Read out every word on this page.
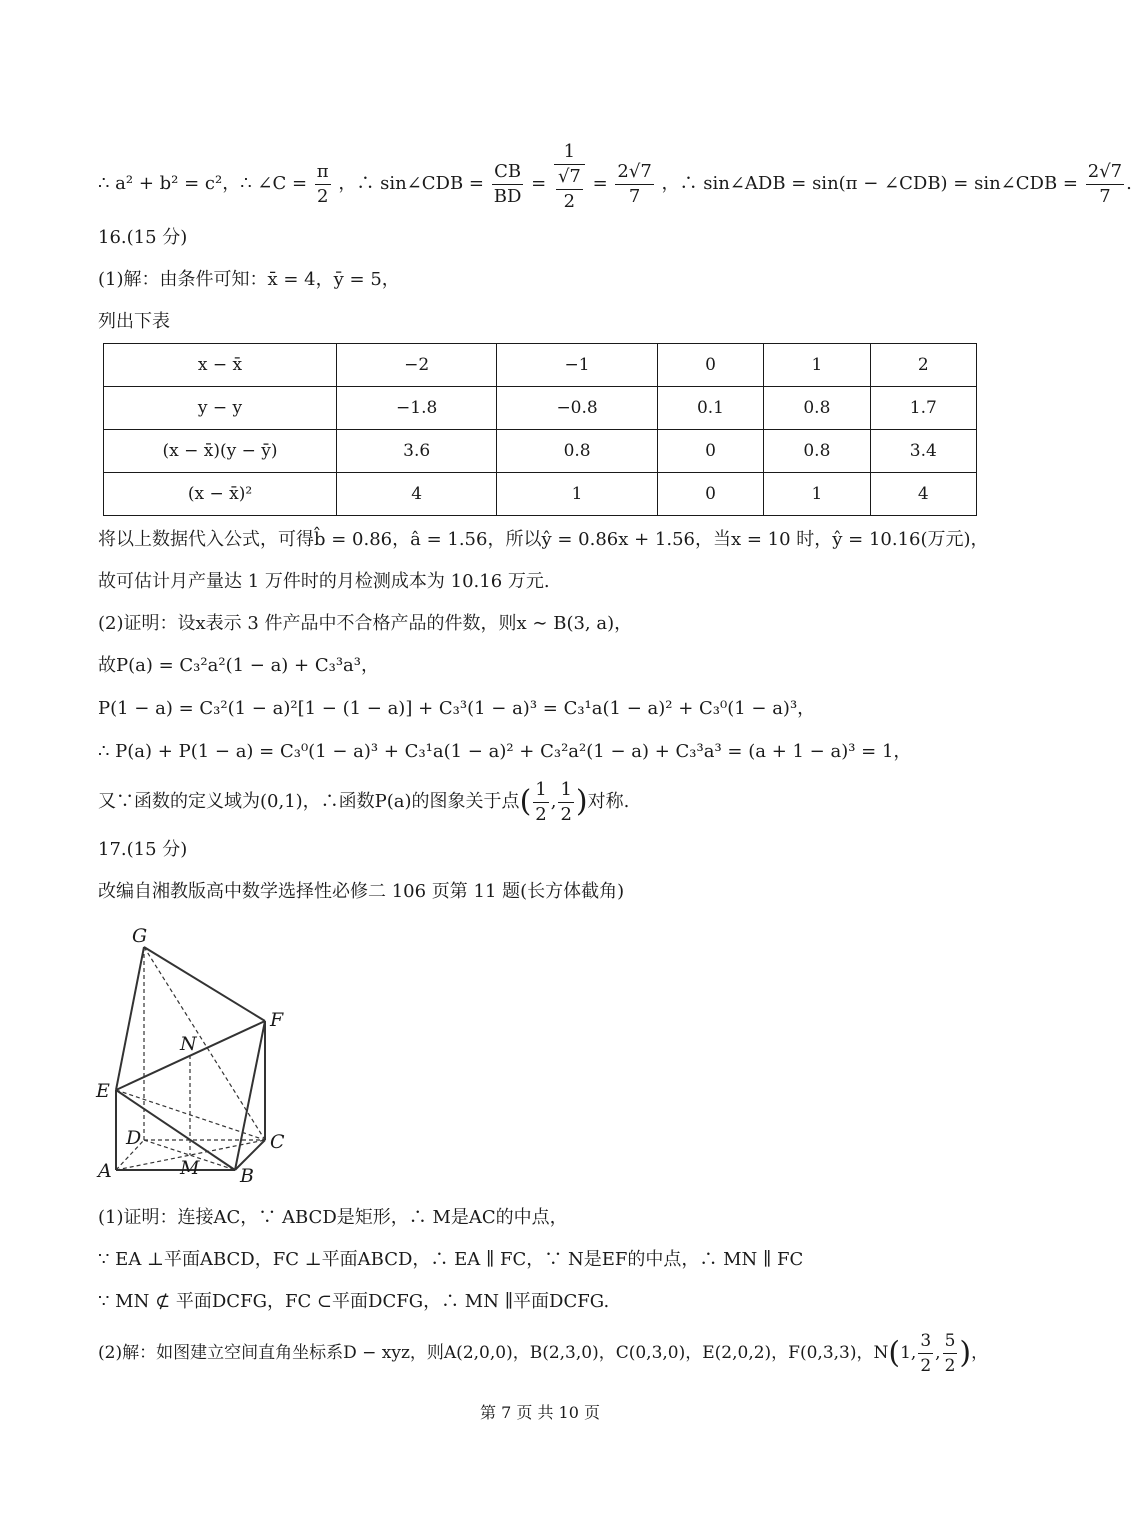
∴ a² + b² = c²，∴ ∠C = $\frac{\pi}{2}$ ，∴ sin∠CDB = $\frac{CB}{BD} = 1$
√7
$2 = \frac{2√7}{7}$ ，∴ sin∠ADB = sin(π − ∠CDB) = sin∠CDB = $\frac{2√7}{7}$ .
16.(15 分)
(1)解：由条件可知：x̄ = 4，ȳ = 5，
列出下表
x − x̄	−2	−1	0	1	2
y − y	−1.8	−0.8	0.1	0.8	1.7
(x − x̄)(y − ȳ)	3.6	0.8	0	0.8	3.4
(x − x̄)²	4	1	0	1	4
将以上数据代入公式，可得b̂ = 0.86，â = 1.56，所以ŷ = 0.86x + 1.56，当x = 10 时，ŷ = 10.16(万元)，
故可估计月产量达 1 万件时的月检测成本为 10.16 万元.
(2)证明：设x表示 3 件产品中不合格产品的件数，则x ∼ B(3, a)，
故P(a) = C₃²a²(1 − a) + C₃³a³，
P(1 − a) = C₃²(1 − a)²[1 − (1 − a)] + C₃³(1 − a)³ = C₃¹a(1 − a)² + C₃⁰(1 − a)³，
∴ P(a) + P(1 − a) = C₃⁰(1 − a)³ + C₃¹a(1 − a)² + C₃²a²(1 − a) + C₃³a³ = (a + 1 − a)³ = 1，
又∵函数的定义域为(0,1)，∴函数P(a)的图象关于点( $\frac{1}{2}$ , $\frac{1}{2}$ )对称.
17.(15 分)
改编自湘教版高中数学选择性必修二 106 页第 11 题(长方体截角)
G
F
N
E
D	C
A	M B
(1)证明：连接AC，∵ ABCD是矩形，∴ M是AC的中点，
∵ EA ⊥平面ABCD，FC ⊥平面ABCD，∴ EA ∥ FC，∵ N是EF的中点，∴ MN ∥ FC
∵ MN ⊄ 平面DCFG，FC ⊂平面DCFG，∴ MN ∥平面DCFG.
(2)解：如图建立空间直角坐标系D − xyz，则A(2,0,0)，B(2,3,0)，C(0,3,0)，E(2,0,2)，F(0,3,3)，N(1, $\frac{3}{2}$ , $\frac{5}{2}$ )，
第 7 页 共 10 页
